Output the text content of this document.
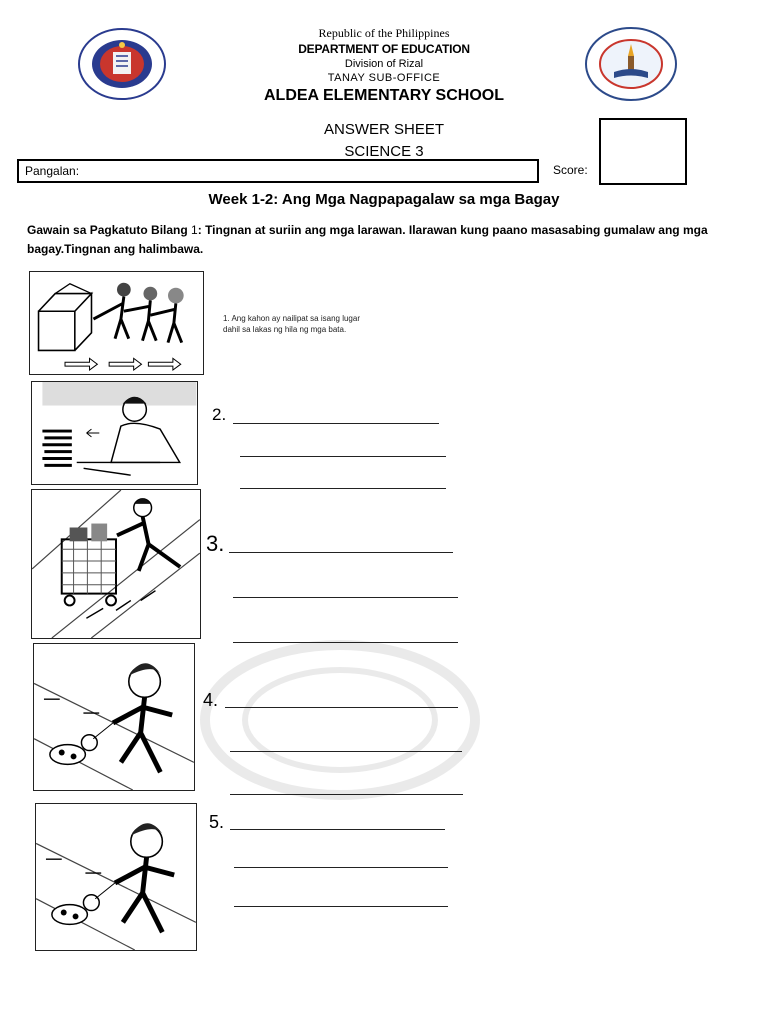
Republic of the Philippines
DEPARTMENT OF EDUCATION
Division of Rizal
TANAY SUB-OFFICE
ALDEA ELEMENTARY SCHOOL
ANSWER SHEET
SCIENCE 3
Pangalan:	Score:
Week 1-2: Ang Mga Nagpapagalaw sa mga Bagay
Gawain sa Pagkatuto Bilang 1: Tingnan at suriin ang mga larawan. Ilarawan kung paano masasabing gumalaw ang mga bagay.Tingnan ang halimbawa.
1. Ang kahon ay nailipat sa isang lugar dahil sa lakas ng hila ng mga bata.
2.
3.
4.
5.
